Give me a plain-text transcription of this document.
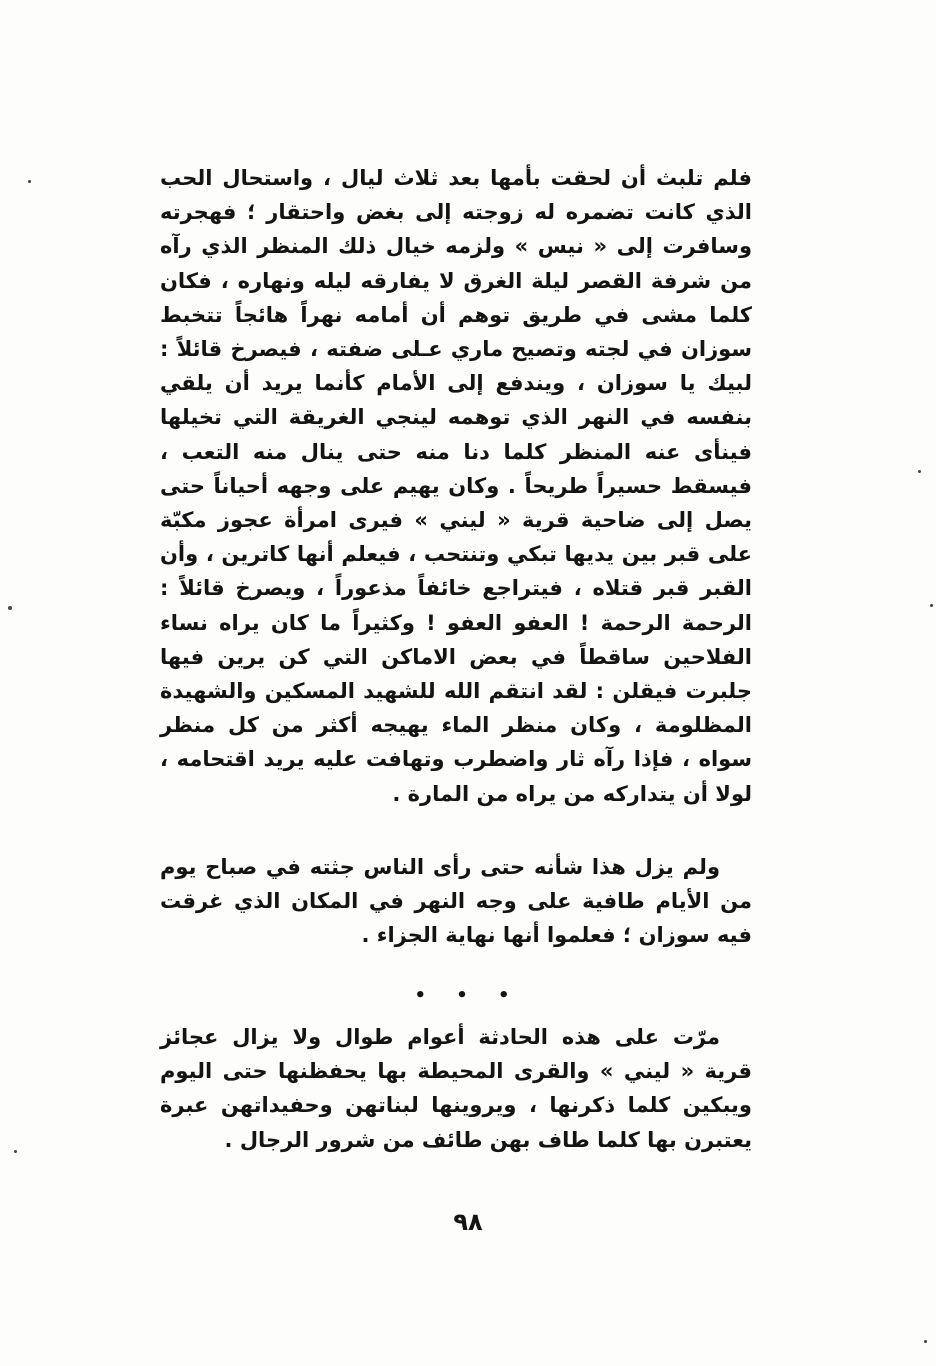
فلم تلبث أن لحقت بأمها بعد ثلاث ليال ، واستحال الحب الذي كانت تضمره له زوجته إلى بغض واحتقار ؛ فهجرته وسافرت إلى « نيس » ولزمه خيال ذلك المنظر الذي رآه من شرفة القصر ليلة الغرق لا يفارقه ليله ونهاره ، فكان كلما مشى في طريق توهم أن أمامه نهراً هائجاً تتخبط سوزان في لجته وتصيح ماري عـلى ضفته ، فيصرخ قائلاً : لبيك يا سوزان ، ويندفع إلى الأمام كأنما يريد أن يلقي بنفسه في النهر الذي توهمه لينجي الغريقة التي تخيلها فينأى عنه المنظر كلما دنا منه حتى ينال منه التعب ، فيسقط حسيراً طريحاً . وكان يهيم على وجهه أحياناً حتى يصل إلى ضاحية قرية « ليني » فيرى امرأة عجوز مكبّة على قبر بين يديها تبكي وتنتحب ، فيعلم أنها كاترين ، وأن القبر قبر قتلاه ، فيتراجع خائفاً مذعوراً ، ويصرخ قائلاً : الرحمة الرحمة ! العفو العفو ! وكثيراً ما كان يراه نساء الفلاحين ساقطاً في بعض الاماكن التي كن يرين فيها جلبرت فيقلن : لقد انتقم الله للشهيد المسكين والشهيدة المظلومة ، وكان منظر الماء يهيجه أكثر من كل منظر سواه ، فإذا رآه ثار واضطرب وتهافت عليه يريد اقتحامه ، لولا أن يتداركه من يراه من المارة .

ولم يزل هذا شأنه حتى رأى الناس جثته في صباح يوم من الأيام طافية على وجه النهر في المكان الذي غرقت فيه سوزان ؛ فعلموا أنها نهاية الجزاء .

• • •

مرّت على هذه الحادثة أعوام طوال ولا يزال عجائز قرية « ليني » والقرى المحيطة بها يحفظنها حتى اليوم ويبكين كلما ذكرنها ، ويروينها لبناتهن وحفيداتهن عبرة يعتبرن بها كلما طاف بهن طائف من شرور الرجال .

٩٨
